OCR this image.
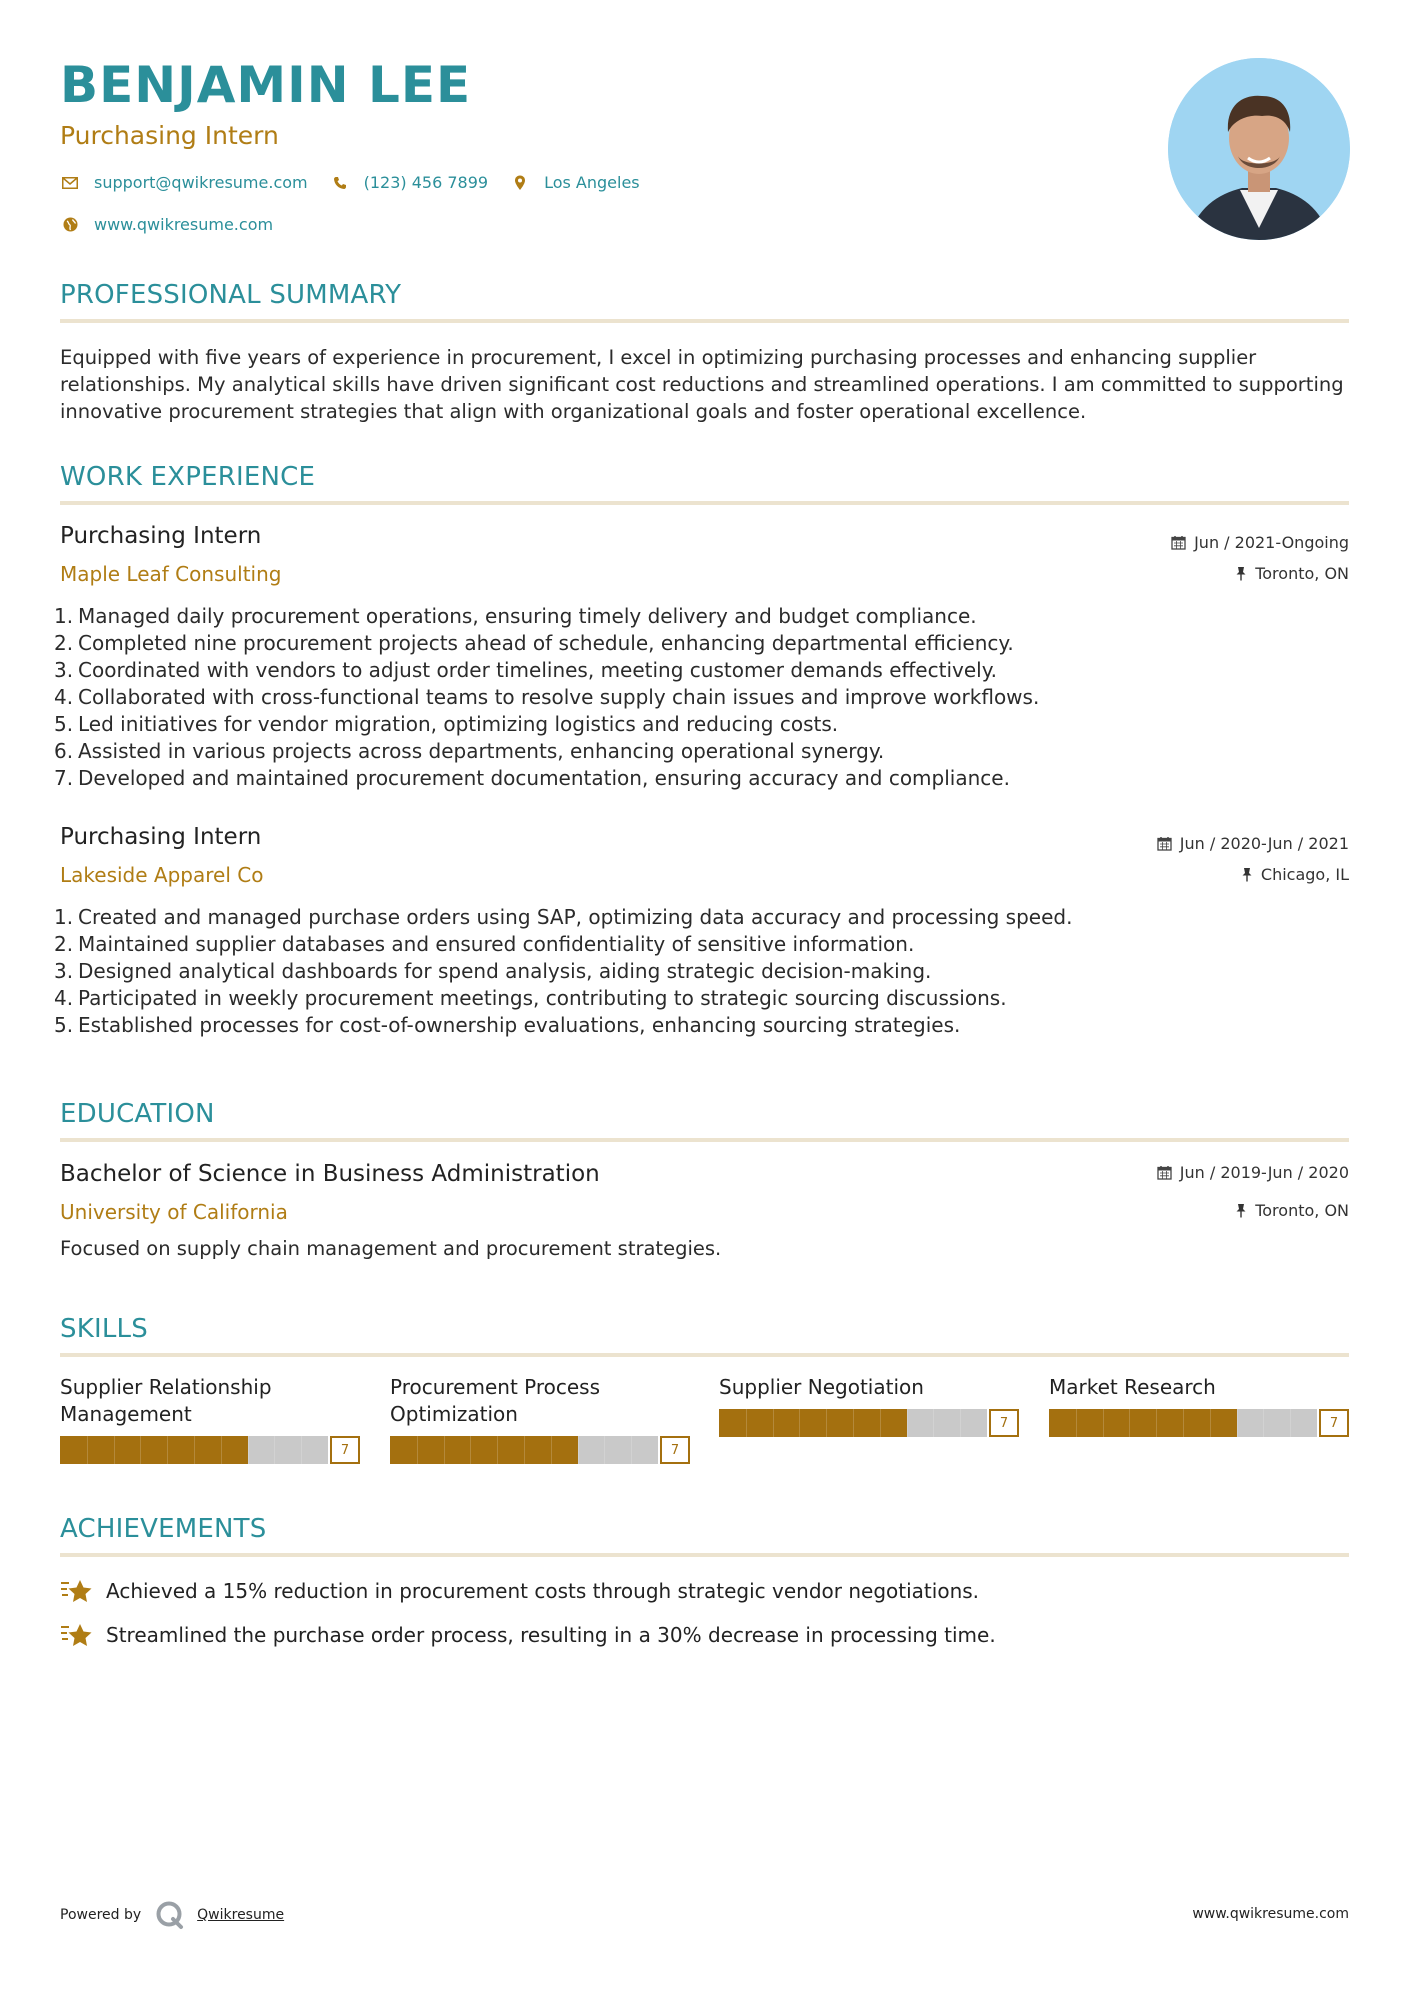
BENJAMIN LEE
Purchasing Intern
support@qwikresume.com	(123) 456 7899	Los Angeles
www.qwikresume.com
PROFESSIONAL SUMMARY

Equipped with five years of experience in procurement, I excel in optimizing purchasing processes and enhancing supplier relationships. My analytical skills have driven significant cost reductions and streamlined operations. I am committed to supporting innovative procurement strategies that align with organizational goals and foster operational excellence.

WORK EXPERIENCE
Purchasing Intern
Maple Leaf Consulting
Jun / 2021-Ongoing
Toronto, ON
Managed daily procurement operations, ensuring timely delivery and budget compliance.
Completed nine procurement projects ahead of schedule, enhancing departmental efficiency.
Coordinated with vendors to adjust order timelines, meeting customer demands effectively.
Collaborated with cross-functional teams to resolve supply chain issues and improve workflows.
Led initiatives for vendor migration, optimizing logistics and reducing costs.
Assisted in various projects across departments, enhancing operational synergy.
Developed and maintained procurement documentation, ensuring accuracy and compliance.
Purchasing Intern
Lakeside Apparel Co
Jun / 2020-Jun / 2021
Chicago, IL
Created and managed purchase orders using SAP, optimizing data accuracy and processing speed.
Maintained supplier databases and ensured confidentiality of sensitive information.
Designed analytical dashboards for spend analysis, aiding strategic decision-making.
Participated in weekly procurement meetings, contributing to strategic sourcing discussions.
Established processes for cost-of-ownership evaluations, enhancing sourcing strategies.
EDUCATION
Bachelor of Science in Business Administration
University of California
Jun / 2019-Jun / 2020
Toronto, ON

Focused on supply chain management and procurement strategies.

SKILLS
Supplier Relationship Management
7
Procurement Process Optimization
7
Supplier Negotiation
7
Market Research
7
ACHIEVEMENTS
Achieved a 15% reduction in procurement costs through strategic vendor negotiations.
Streamlined the purchase order process, resulting in a 30% decrease in processing time.
Powered by	Qwikresume	www.qwikresume.com
